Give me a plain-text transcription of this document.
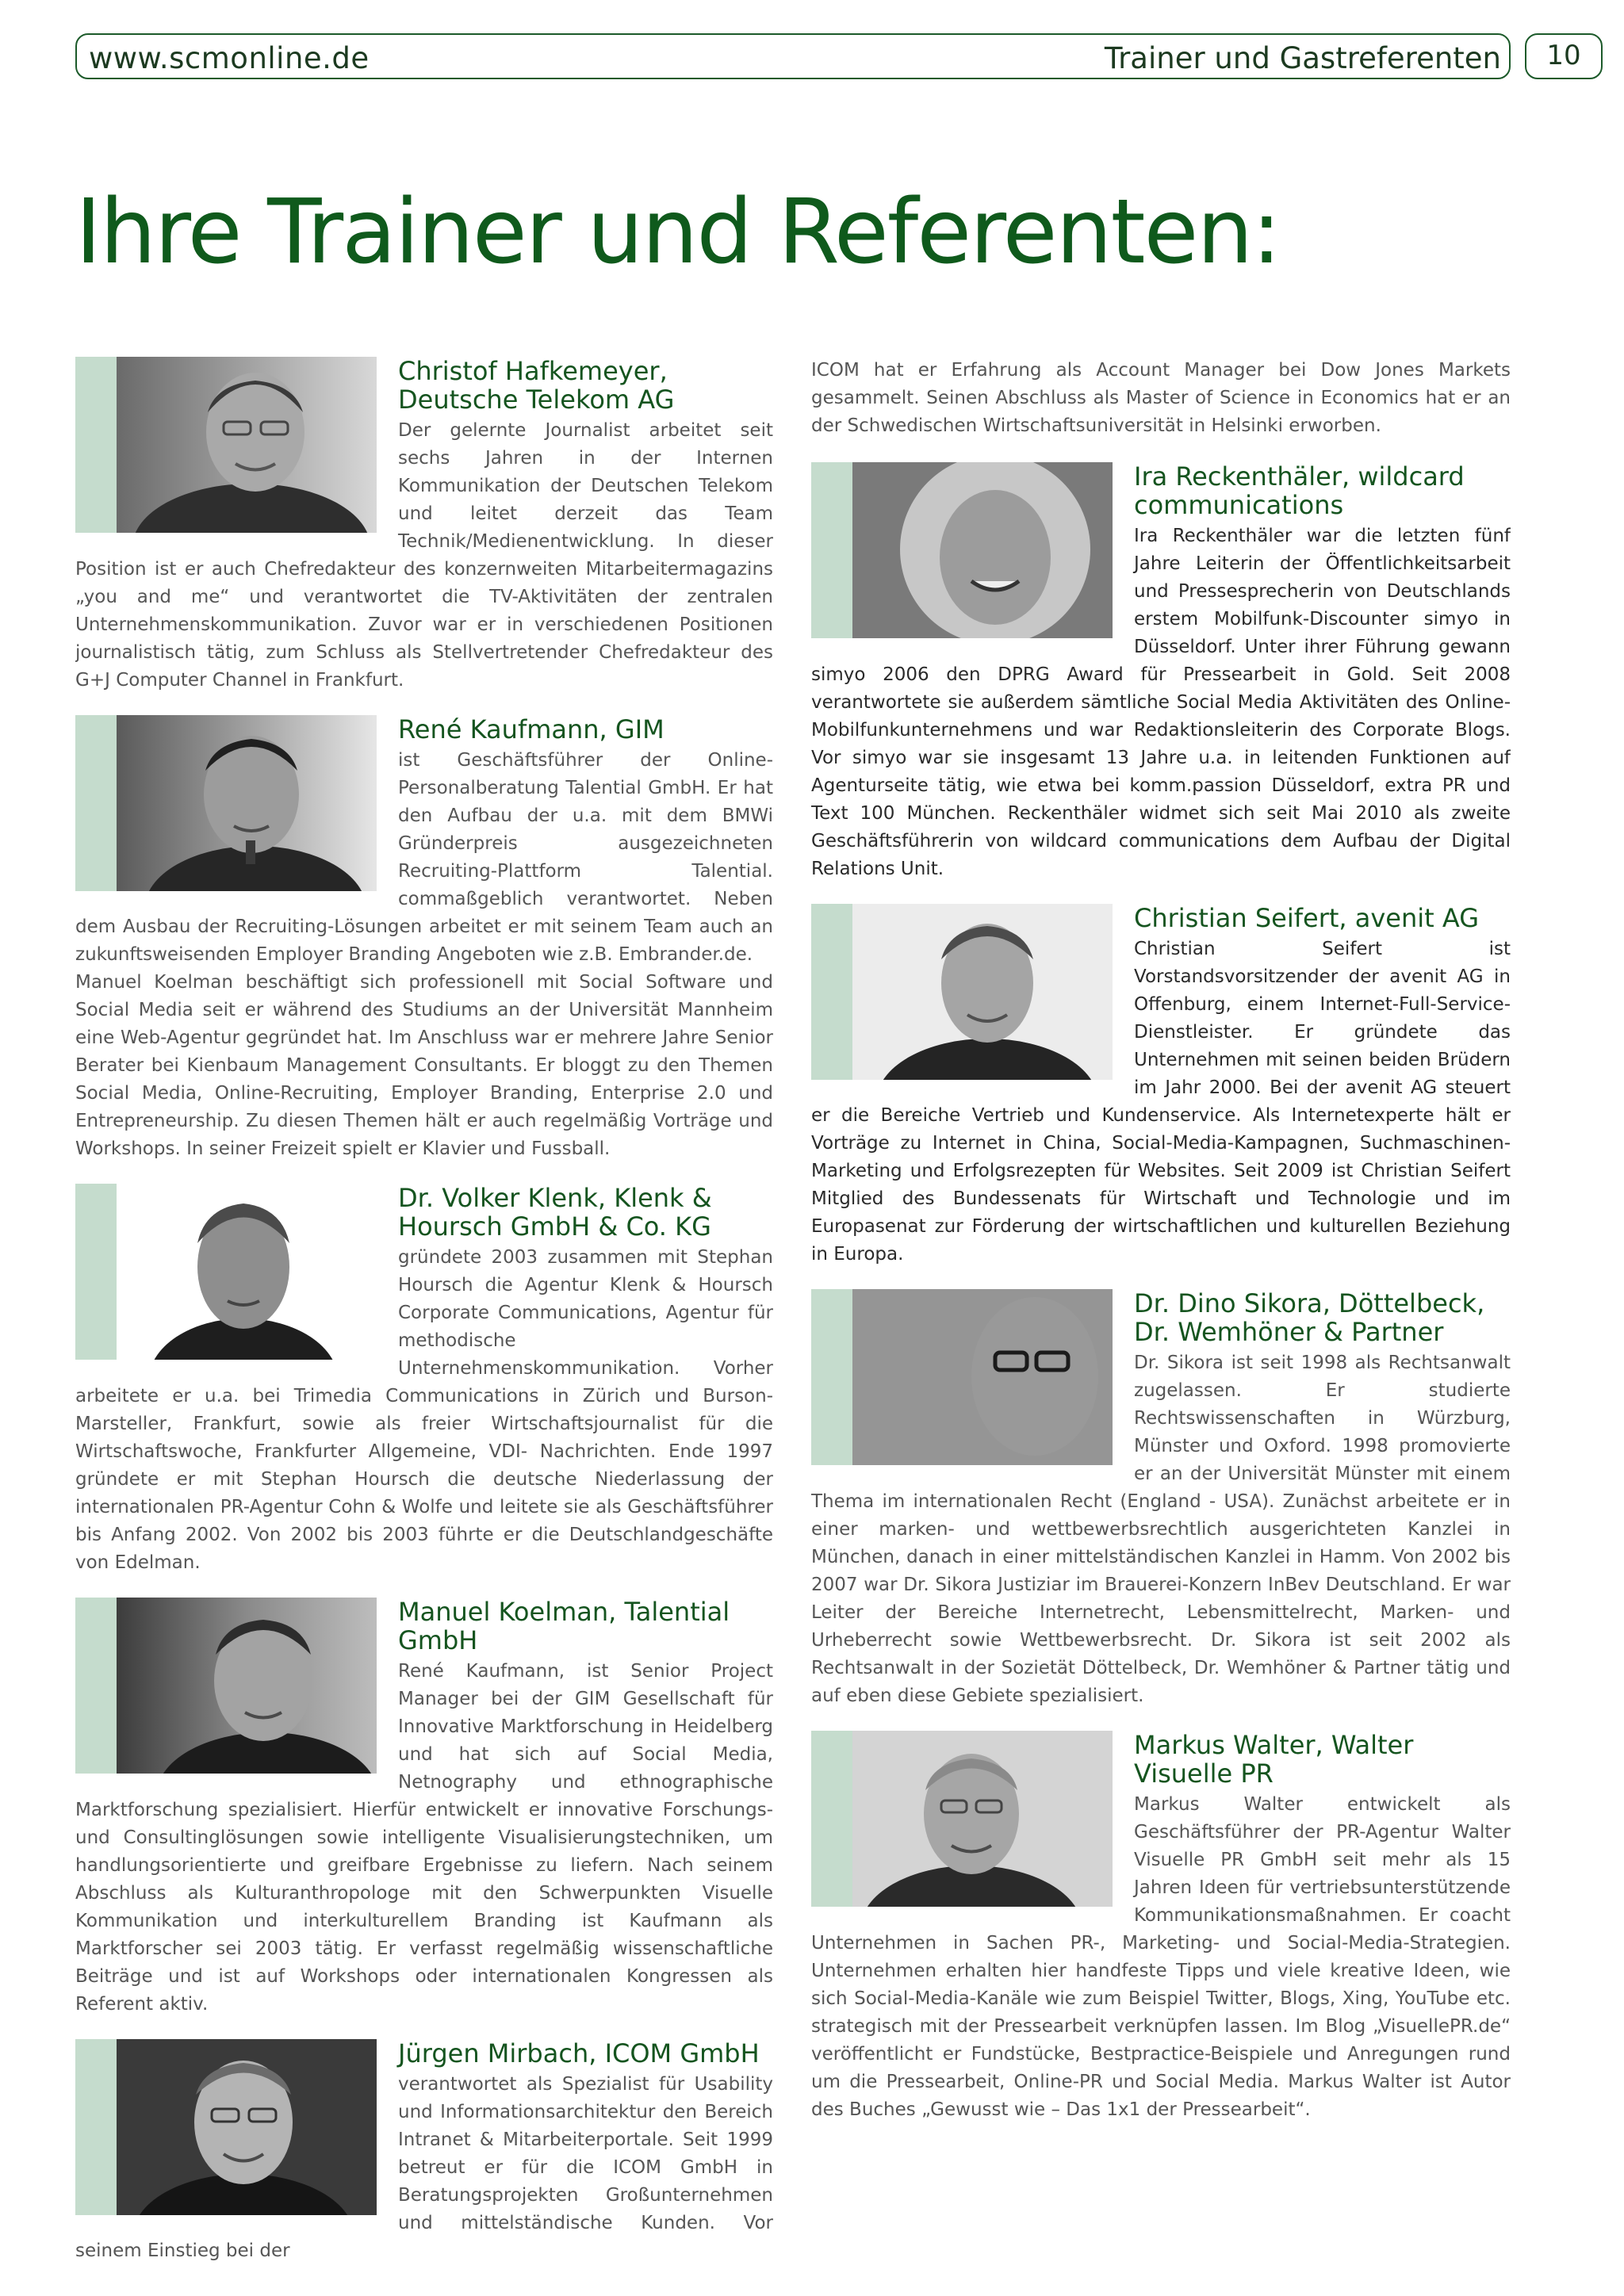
www.scmonline.de	Trainer und Gastreferenten	10
Ihre Trainer und Referenten:
Christof Hafkemeyer, Deutsche Telekom AG

Der gelernte Journalist arbeitet seit sechs Jahren in der Internen Kommunikation der Deutschen Telekom und leitet derzeit das Team Technik/Medienentwicklung. In dieser Position ist er auch Chefredakteur des konzernweiten Mitarbeitermagazins „you and me“ und verantwortet die TV-Aktivitäten der zentralen Unternehmenskommunikation. Zuvor war er in verschiedenen Positionen journalistisch tätig, zum Schluss als Stellvertretender Chefredakteur des G+J Computer Channel in Frankfurt.

René Kaufmann, GIM

ist Geschäftsführer der Online-Personalberatung Talential GmbH. Er hat den Aufbau der u.a. mit dem BMWi Gründerpreis ausgezeichneten Recruiting-Plattform Talential. commaßgeblich verantwortet. Neben dem Ausbau der Recruiting-Lösungen arbeitet er mit seinem Team auch an zukunftsweisenden Employer Branding Angeboten wie z.B. Embrander.de.

Manuel Koelman beschäftigt sich professionell mit Social Software und Social Media seit er während des Studiums an der Universität Mannheim eine Web-Agentur gegründet hat. Im Anschluss war er mehrere Jahre Senior Berater bei Kienbaum Management Consultants. Er bloggt zu den Themen Social Media, Online-Recruiting, Employer Branding, Enterprise 2.0 und Entrepreneurship. Zu diesen Themen hält er auch regelmäßig Vorträge und Workshops. In seiner Freizeit spielt er Klavier und Fussball.

Dr. Volker Klenk, Klenk & Hoursch GmbH & Co. KG

gründete 2003 zusammen mit Stephan Hoursch die Agentur Klenk & Hoursch Corporate Communications, Agentur für methodische Unternehmenskommunikation. Vorher arbeitete er u.a. bei Trimedia Communications in Zürich und Burson-Marsteller, Frankfurt, sowie als freier Wirtschaftsjournalist für die Wirtschaftswoche, Frankfurter Allgemeine, VDI- Nachrichten. Ende 1997 gründete er mit Stephan Hoursch die deutsche Niederlassung der internationalen PR-Agentur Cohn & Wolfe und leitete sie als Geschäftsführer bis Anfang 2002. Von 2002 bis 2003 führte er die Deutschlandgeschäfte von Edelman.

Manuel Koelman, Talential GmbH

René Kaufmann, ist Senior Project Manager bei der GIM Gesellschaft für Innovative Marktforschung in Heidelberg und hat sich auf Social Media, Netnography und ethnographische Marktforschung spezialisiert. Hierfür entwickelt er innovative Forschungs- und Consultinglösungen sowie intelligente Visualisierungstechniken, um handlungsorientierte und greifbare Ergebnisse zu liefern. Nach seinem Abschluss als Kulturanthropologe mit den Schwerpunkten Visuelle Kommunikation und interkulturellem Branding ist Kaufmann als Marktforscher sei 2003 tätig. Er verfasst regelmäßig wissenschaftliche Beiträge und ist auf Workshops oder internationalen Kongressen als Referent aktiv.

Jürgen Mirbach, ICOM GmbH

verantwortet als Spezialist für Usability und Informationsarchitektur den Bereich Intranet & Mitarbeiterportale. Seit 1999 betreut er für die ICOM GmbH in Beratungsprojekten Großunternehmen und mittelständische Kunden. Vor seinem Einstieg bei der

ICOM hat er Erfahrung als Account Manager bei Dow Jones Markets gesammelt. Seinen Abschluss als Master of Science in Economics hat er an der Schwedischen Wirtschaftsuniversität in Helsinki erworben.

Ira Reckenthäler, wildcard communications

Ira Reckenthäler war die letzten fünf Jahre Leiterin der Öffentlichkeitsarbeit und Pressesprecherin von Deutschlands erstem Mobilfunk-Discounter simyo in Düsseldorf. Unter ihrer Führung gewann simyo 2006 den DPRG Award für Pressearbeit in Gold. Seit 2008 verantwortete sie außerdem sämtliche Social Media Aktivitäten des Online-Mobilfunkunternehmens und war Redaktionsleiterin des Corporate Blogs. Vor simyo war sie insgesamt 13 Jahre u.a. in leitenden Funktionen auf Agenturseite tätig, wie etwa bei komm.passion Düsseldorf, extra PR und Text 100 München. Reckenthäler widmet sich seit Mai 2010 als zweite Geschäftsführerin von wildcard communications dem Aufbau der Digital Relations Unit.

Christian Seifert, avenit AG

Christian Seifert ist Vorstandsvorsitzender der avenit AG in Offenburg, einem Internet-Full-Service-Dienstleister. Er gründete das Unternehmen mit seinen beiden Brüdern im Jahr 2000. Bei der avenit AG steuert er die Bereiche Vertrieb und Kundenservice. Als Internetexperte hält er Vorträge zu Internet in China, Social-Media-Kampagnen, Suchmaschinen-Marketing und Erfolgsrezepten für Websites. Seit 2009 ist Christian Seifert Mitglied des Bundessenats für Wirtschaft und Technologie und im Europasenat zur Förderung der wirtschaftlichen und kulturellen Beziehung in Europa.

Dr. Dino Sikora, Döttelbeck, Dr. Wemhöner & Partner

Dr. Sikora ist seit 1998 als Rechtsanwalt zugelassen. Er studierte Rechtswissenschaften in Würzburg, Münster und Oxford. 1998 promovierte er an der Universität Münster mit einem Thema im internationalen Recht (England - USA). Zunächst arbeitete er in einer marken- und wettbewerbsrechtlich ausgerichteten Kanzlei in München, danach in einer mittelständischen Kanzlei in Hamm. Von 2002 bis 2007 war Dr. Sikora Justiziar im Brauerei-Konzern InBev Deutschland. Er war Leiter der Bereiche Internetrecht, Lebensmittelrecht, Marken- und Urheberrecht sowie Wettbewerbsrecht. Dr. Sikora ist seit 2002 als Rechtsanwalt in der Sozietät Döttelbeck, Dr. Wemhöner & Partner tätig und auf eben diese Gebiete spezialisiert.

Markus Walter, Walter Visuelle PR

Markus Walter entwickelt als Geschäftsführer der PR-Agentur Walter Visuelle PR GmbH seit mehr als 15 Jahren Ideen für vertriebsunterstützende Kommunikationsmaßnahmen. Er coacht Unternehmen in Sachen PR-, Marketing- und Social-Media-Strategien. Unternehmen erhalten hier handfeste Tipps und viele kreative Ideen, wie sich Social-Media-Kanäle wie zum Beispiel Twitter, Blogs, Xing, YouTube etc. strategisch mit der Pressearbeit verknüpfen lassen. Im Blog „VisuellePR.de“ veröffentlicht er Fundstücke, Bestpractice-Beispiele und Anregungen rund um die Pressearbeit, Online-PR und Social Media. Markus Walter ist Autor des Buches „Gewusst wie – Das 1x1 der Pressearbeit“.
